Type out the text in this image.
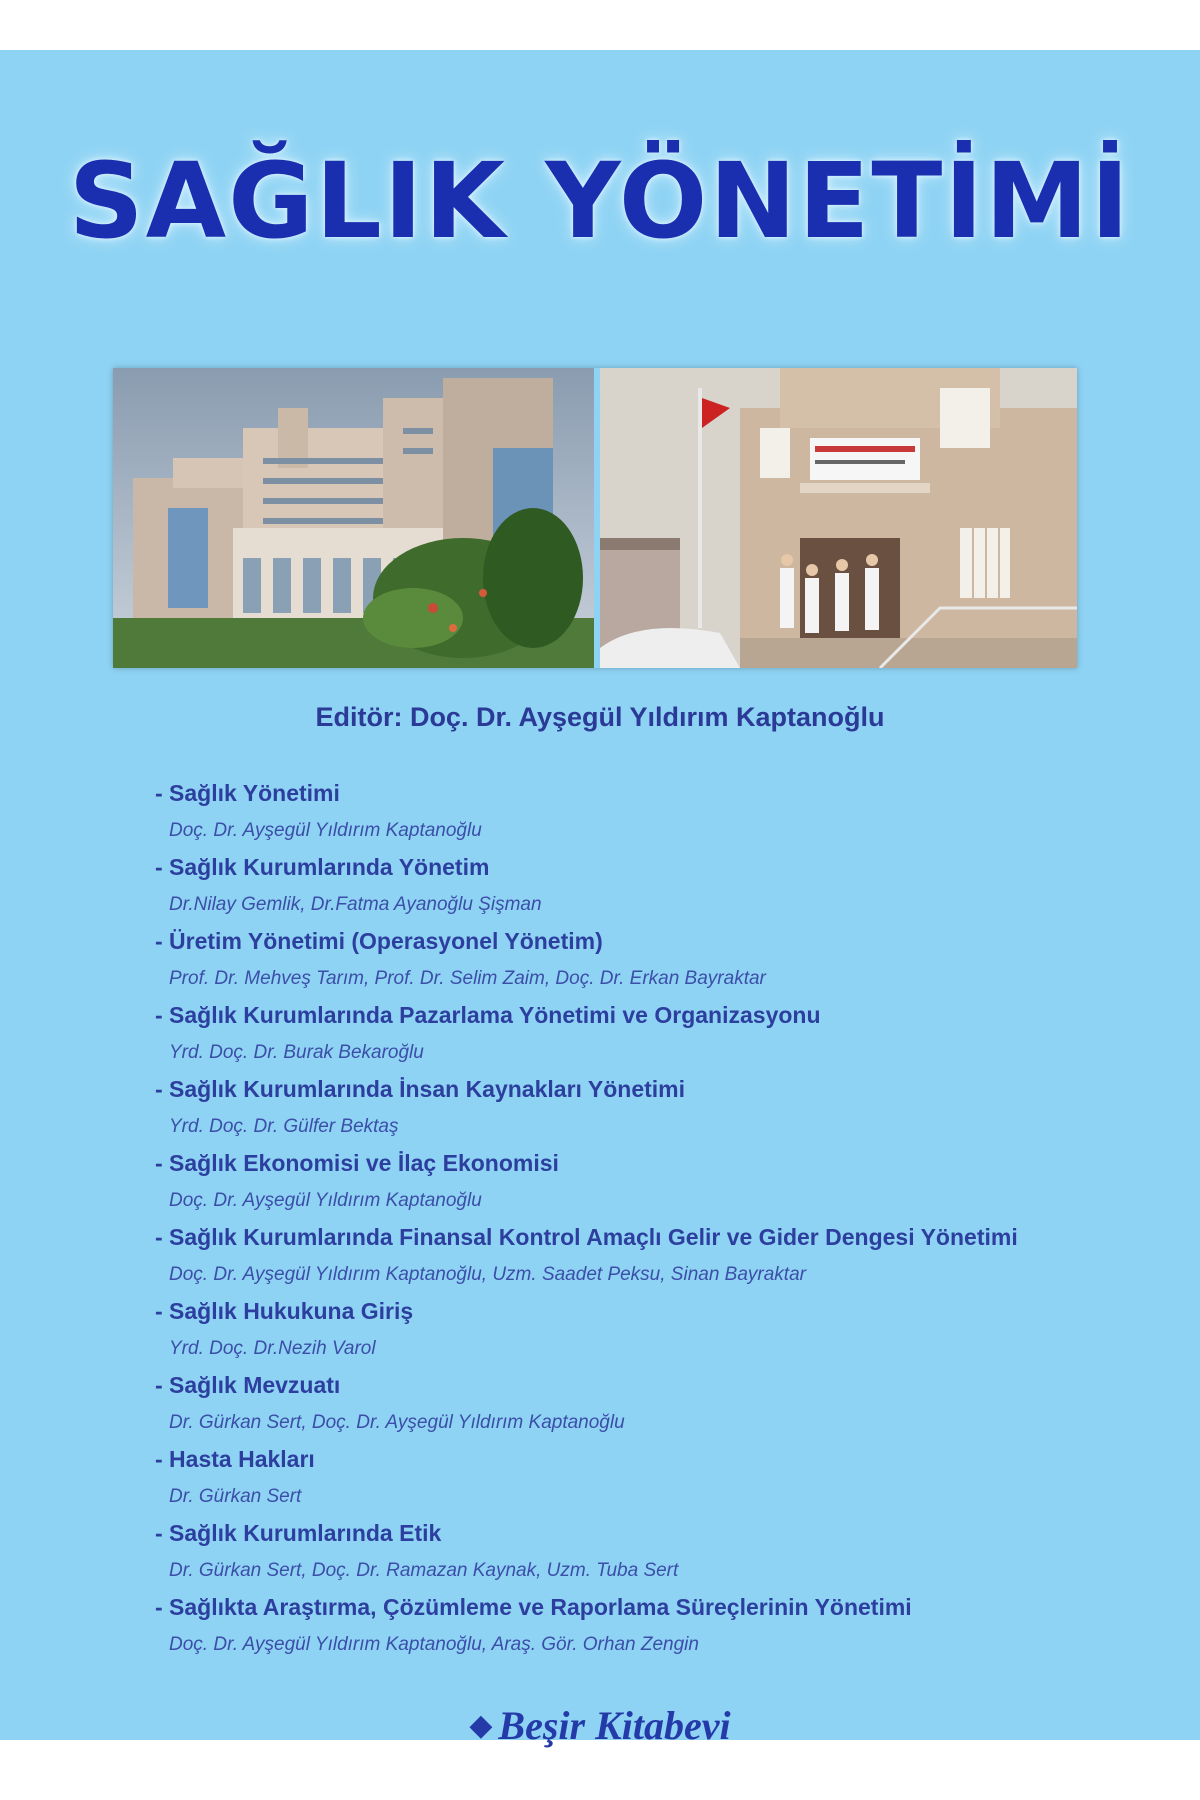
SAĞLIK YÖNETİMİ
Editör: Doç. Dr. Ayşegül Yıldırım Kaptanoğlu
- Sağlık Yönetimi
Doç. Dr. Ayşegül Yıldırım Kaptanoğlu
- Sağlık Kurumlarında Yönetim
Dr.Nilay Gemlik, Dr.Fatma Ayanoğlu Şişman
- Üretim Yönetimi (Operasyonel Yönetim)
Prof. Dr. Mehveş Tarım, Prof. Dr. Selim Zaim, Doç. Dr. Erkan Bayraktar
- Sağlık Kurumlarında Pazarlama Yönetimi ve Organizasyonu
Yrd. Doç. Dr. Burak Bekaroğlu
- Sağlık Kurumlarında İnsan Kaynakları Yönetimi
Yrd. Doç. Dr. Gülfer Bektaş
- Sağlık Ekonomisi ve İlaç Ekonomisi
Doç. Dr. Ayşegül Yıldırım Kaptanoğlu
- Sağlık Kurumlarında Finansal Kontrol Amaçlı Gelir ve Gider Dengesi Yönetimi
Doç. Dr. Ayşegül Yıldırım Kaptanoğlu, Uzm. Saadet Peksu, Sinan Bayraktar
- Sağlık Hukukuna Giriş
Yrd. Doç. Dr.Nezih Varol
- Sağlık Mevzuatı
Dr. Gürkan Sert, Doç. Dr. Ayşegül Yıldırım Kaptanoğlu
- Hasta Hakları
Dr. Gürkan Sert
- Sağlık Kurumlarında Etik
Dr. Gürkan Sert, Doç. Dr. Ramazan Kaynak, Uzm. Tuba Sert
- Sağlıkta Araştırma, Çözümleme ve Raporlama Süreçlerinin Yönetimi
Doç. Dr. Ayşegül Yıldırım Kaptanoğlu, Araş. Gör. Orhan Zengin
◆ Beşir Kitabevi
